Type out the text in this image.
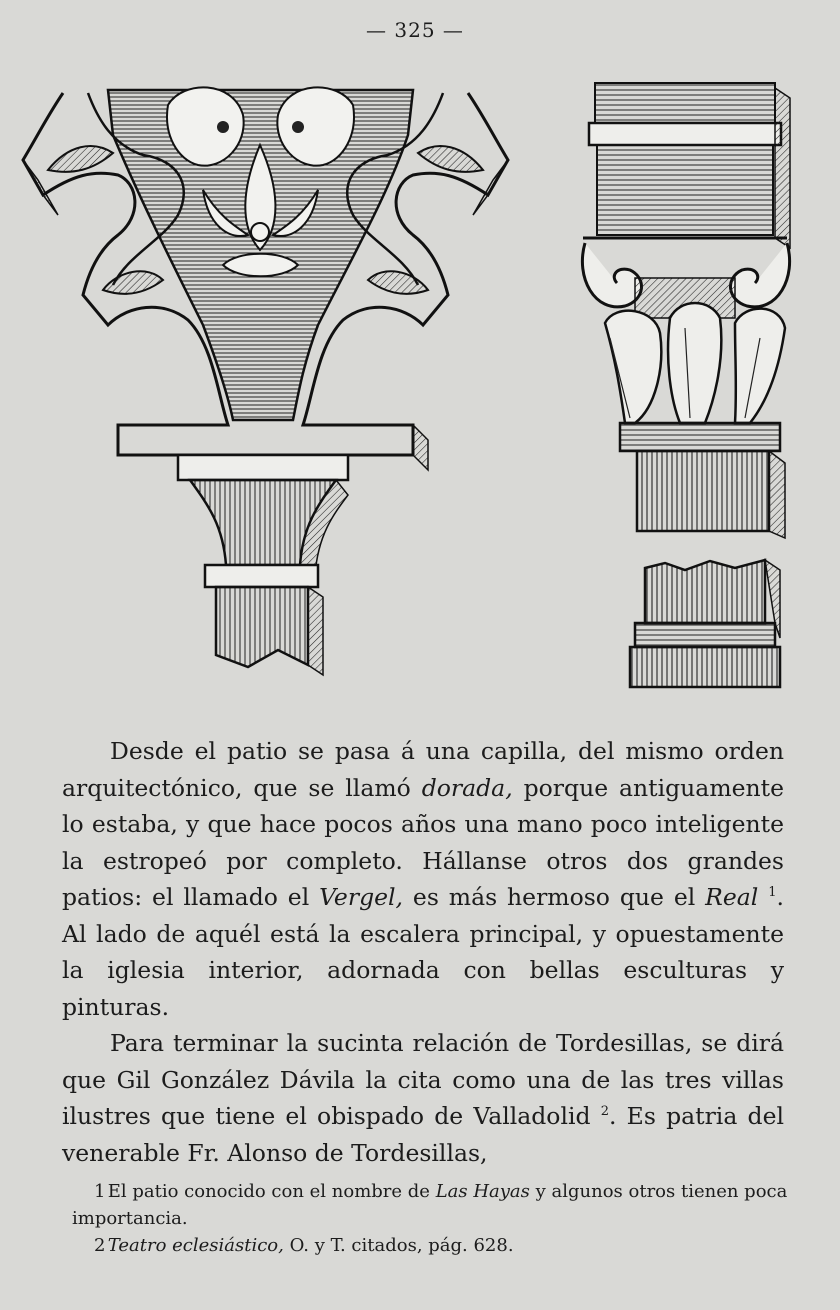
— 325 —

Desde el patio se pasa á una capilla, del mismo orden arquitectónico, que se llamó dorada, porque antiguamente lo estaba, y que hace pocos años una mano poco inteligente la estropeó por completo. Hállanse otros dos grandes patios: el llamado el Vergel, es más hermoso que el Real $^1$. Al lado de aquél está la escalera principal, y opuestamente la iglesia interior, adornada con bellas esculturas y pinturas.

Para terminar la sucinta relación de Tordesillas, se dirá que Gil González Dávila la cita como una de las tres villas ilustres que tiene el obispado de Valladolid $^2$. Es patria del venerable Fr. Alonso de Tordesillas,

1 El patio conocido con el nombre de Las Hayas y algunos otros tienen poca importancia.

2 Teatro eclesiástico, O. y T. citados, pág. 628.
